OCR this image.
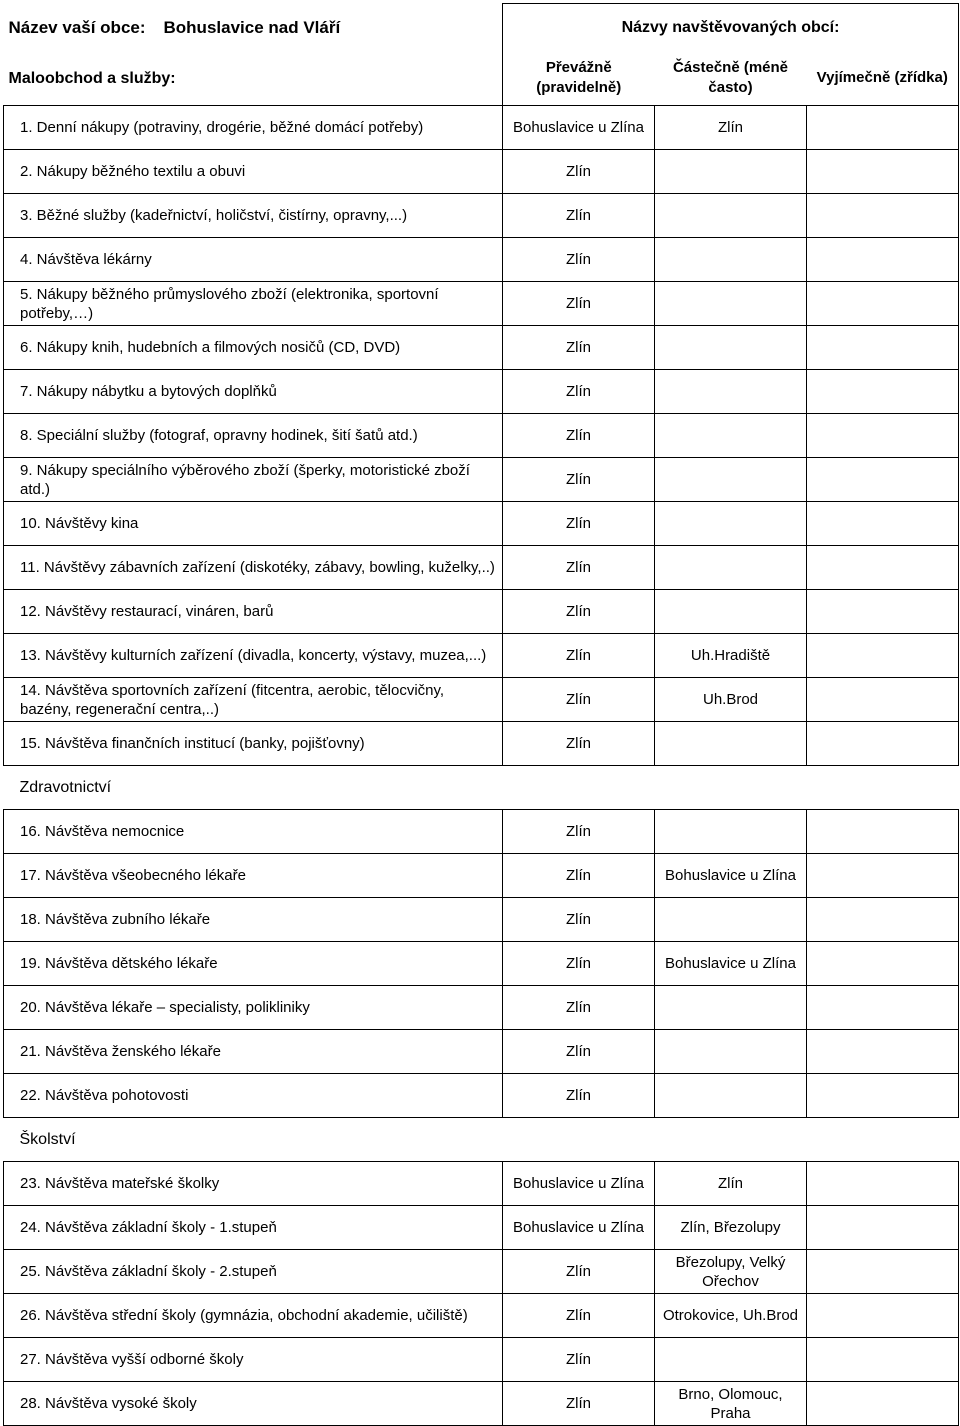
Název vaší obce: Bohuslavice nad Vláří	Názvy navštěvovaných obcí:		
Maloobchod a služby:	Převážně (pravidelně)	Částečně (méně často)	Vyjímečně (zřídka)
1. Denní nákupy (potraviny, drogérie, běžné domácí potřeby)	Bohuslavice u Zlína	Zlín	
2. Nákupy běžného textilu a obuvi	Zlín		
3. Běžné služby (kadeřnictví, holičství, čistírny, opravny,...)	Zlín		
4. Návštěva lékárny	Zlín		
5. Nákupy běžného průmyslového zboží (elektronika, sportovní potřeby,…)	Zlín		
6. Nákupy knih, hudebních a filmových nosičů (CD, DVD)	Zlín		
7. Nákupy nábytku a bytových doplňků	Zlín		
8. Speciální služby (fotograf, opravny hodinek, šití šatů atd.)	Zlín		
9. Nákupy speciálního výběrového zboží (šperky, motoristické zboží atd.)	Zlín		
10. Návštěvy kina	Zlín		
11. Návštěvy zábavních zařízení (diskotéky, zábavy, bowling, kuželky,..)	Zlín		
12. Návštěvy restaurací, vináren, barů	Zlín		
13. Návštěvy kulturních zařízení (divadla, koncerty, výstavy, muzea,...)	Zlín	Uh.Hradiště	
14. Návštěva sportovních zařízení (fitcentra, aerobic, tělocvičny, bazény, regenerační centra,..)	Zlín	Uh.Brod	
15. Návštěva finančních institucí (banky, pojišťovny)	Zlín		
Zdravotnictví			
16. Návštěva nemocnice	Zlín		
17. Návštěva všeobecného lékaře	Zlín	Bohuslavice u Zlína	
18. Návštěva zubního lékaře	Zlín		
19. Návštěva dětského lékaře	Zlín	Bohuslavice u Zlína	
20. Návštěva lékaře – specialisty, polikliniky	Zlín		
21. Návštěva ženského lékaře	Zlín		
22. Návštěva pohotovosti	Zlín		
Školství			
23. Návštěva mateřské školky	Bohuslavice u Zlína	Zlín	
24. Návštěva základní školy - 1.stupeň	Bohuslavice u Zlína	Zlín, Březolupy	
25. Návštěva základní školy - 2.stupeň	Zlín	Březolupy, Velký Ořechov	
26. Návštěva střední školy (gymnázia, obchodní akademie, učiliště)	Zlín	Otrokovice, Uh.Brod	
27. Návštěva vyšší odborné školy	Zlín		
28. Návštěva vysoké školy	Zlín	Brno, Olomouc, Praha	
